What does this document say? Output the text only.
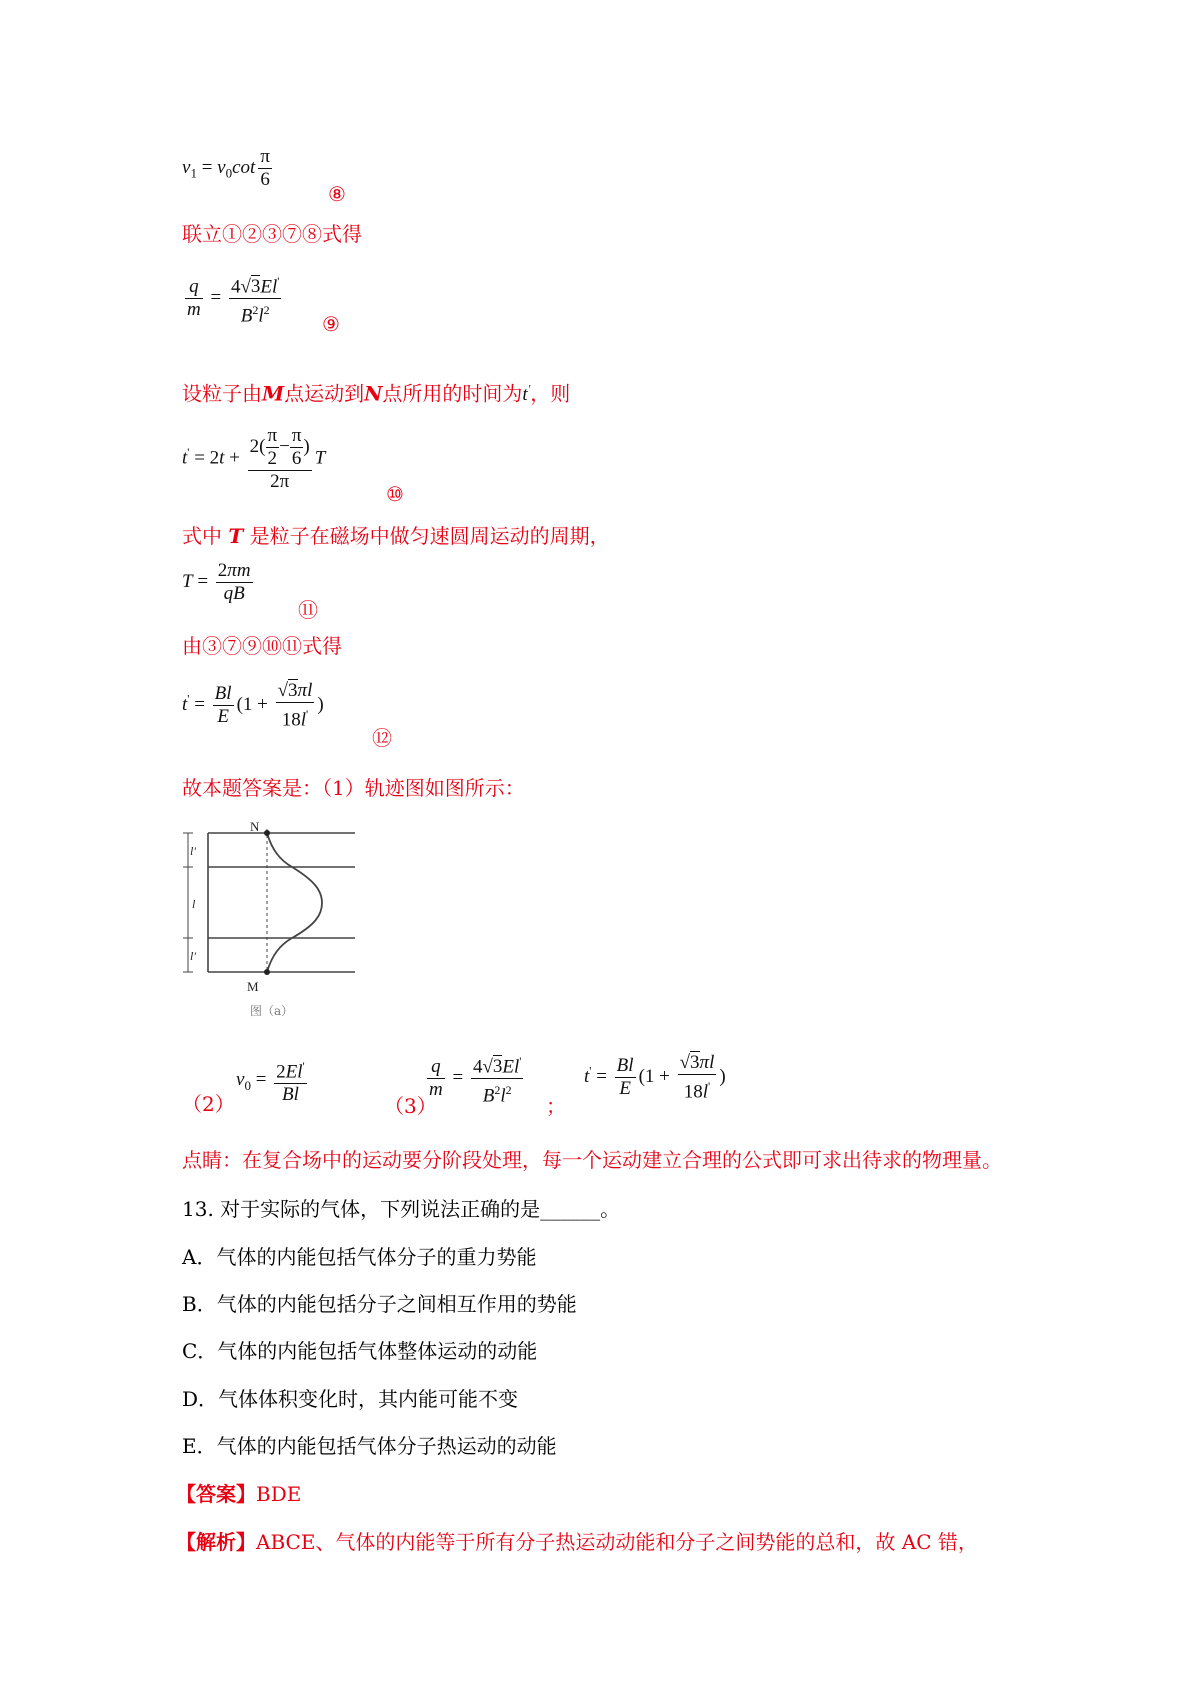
$v_1 = v_0\cot \frac{\pi}{6}$
⑧
联立①②③⑦⑧式得
$\frac{q}{m} = \frac{4√3El'}{B^2l^2}$ ⑨
设粒子由M点运动到N点所用的时间为t'，则
$t' = 2t + \frac{2( \frac{\pi}{2} - \frac{\pi}{6} )}{2\pi}$ T
⑩
式中 T 是粒子在磁场中做匀速圆周运动的周期，
$T = \frac{2\pi m}{qB}$
⑪
由③⑦⑨⑩⑪式得
$t' = \frac{Bl}{E} (1 + \frac{√3\pi l}{18l'}$ )
⑫
故本题答案是：（1）轨迹图如图所示：
N
M
l'
l
l'
图（a）
（2）
$v_0 = \frac{2El'}{Bl}$	（3）
$\frac{q}{m} = \frac{4√3El'}{B^2l^2}$ ；
$t' = \frac{Bl}{E} (1 + \frac{√3\pi l}{18l'}$ )
点睛：在复合场中的运动要分阶段处理，每一个运动建立合理的公式即可求出待求的物理量。
13. 对于实际的气体，下列说法正确的是______。
A．气体的内能包括气体分子的重力势能
B．气体的内能包括分子之间相互作用的势能
C．气体的内能包括气体整体运动的动能
D．气体体积变化时，其内能可能不变
E．气体的内能包括气体分子热运动的动能
【答案】BDE
【解析】ABCE、气体的内能等于所有分子热运动动能和分子之间势能的总和，故 AC 错，
